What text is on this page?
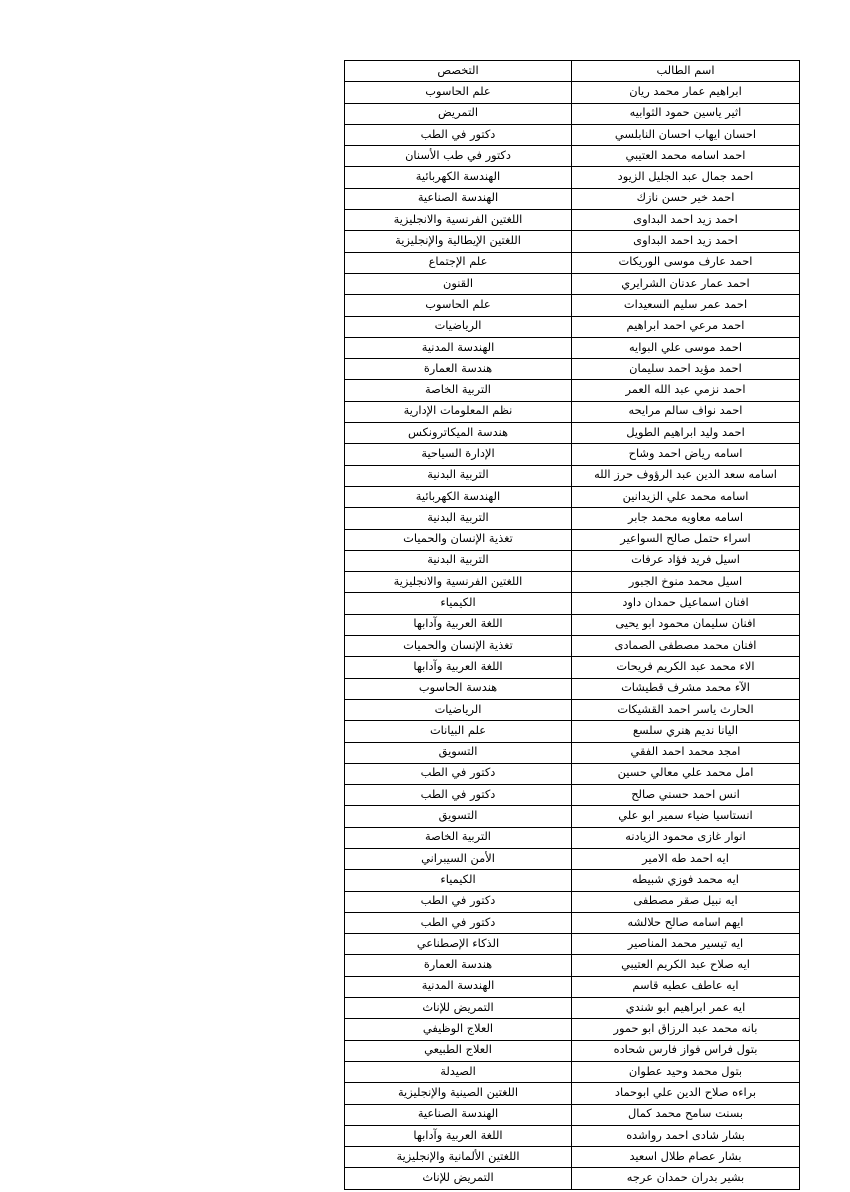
اسم الطالب	التخصص
ابراهيم عمار محمد ريان	علم الحاسوب
اثير ياسين حمود الثوابيه	التمريض
احسان ايهاب احسان النابلسي	دكتور في الطب
احمد اسامه محمد العتيبي	دكتور في طب الأسنان
احمد جمال عبد الجليل الزيود	الهندسة الكهربائية
احمد خير حسن نازك	الهندسة الصناعية
احمد زيد احمد البداوى	اللغتين الفرنسية والانجليزية
احمد زيد احمد البداوى	اللغتين الإيطالية والإنجليزية
احمد عارف موسى الوريكات	علم الإجتماع
احمد عمار عدنان الشرايري	القنون
احمد عمر سليم السعيدات	علم الحاسوب
احمد مرعي احمد ابراهيم	الرياضيات
احمد موسى علي البوايه	الهندسة المدنية
احمد مؤيد احمد سليمان	هندسة العمارة
احمد نزمي عبد الله العمر	التربية الخاصة
احمد نواف سالم مرايحه	نظم المعلومات الإدارية
احمد وليد ابراهيم الطويل	هندسة الميكاترونكس
اسامه رياض احمد وشاح	الإدارة السياحية
اسامه سعد الدين عبد الرؤوف حرز الله	التربية البدنية
اسامه محمد علي الزيدانين	الهندسة الكهربائية
اسامه معاويه محمد جابر	التربية البدنية
اسراء حتمل صالح السواعير	تغذية الإنسان والحميات
اسيل فريد فؤاد عرفات	التربية البدنية
اسيل محمد منوخ الجبور	اللغتين الفرنسية والانجليزية
افنان اسماعيل حمدان داود	الكيمياء
افنان سليمان محمود ابو يحيى	اللغة العربية وآدابها
افنان محمد مصطفى الصمادى	تغذية الإنسان والحميات
الاء محمد عبد الكريم فريحات	اللغة العربية وآدابها
الآء محمد مشرف قطيشات	هندسة الحاسوب
الحارث ياسر احمد القشيكات	الرياضيات
اليانا نديم هنري سلسع	علم البيانات
امجد محمد احمد الفقي	التسويق
امل محمد علي معالي حسين	دكتور في الطب
انس احمد حسني صالح	دكتور في الطب
انستاسيا ضياء سمير ابو علي	التسويق
انوار غازى محمود الزيادنه	التربية الخاصة
ايه احمد طه الامير	الأمن السيبراني
ايه محمد فوزي شبيطه	الكيمياء
ايه نبيل صقر مصطفى	دكتور في الطب
ايهم اسامه صالح حلالشه	دكتور في الطب
ايه تيسير محمد المناصير	الذكاء الإصطناعي
ايه صلاح عبد الكريم العتيبي	هندسة العمارة
ايه عاطف عطيه قاسم	الهندسة المدنية
ايه عمر ابراهيم ابو شندي	التمريض للإناث
بانه محمد عبد الرزاق ابو حمور	العلاج الوظيفي
بتول فراس فواز فارس شحاده	العلاج الطبيعي
بتول محمد وحيد عطوان	الصيدلة
براءه صلاح الدين علي ابوحماد	اللغتين الصينية والإنجليزية
بسنت سامح محمد كمال	الهندسة الصناعية
بشار شادى احمد رواشده	اللغة العربية وآدابها
بشار عصام طلال اسعيد	اللغتين الألمانية والإنجليزية
بشير بدران حمدان عرجه	التمريض للإناث
